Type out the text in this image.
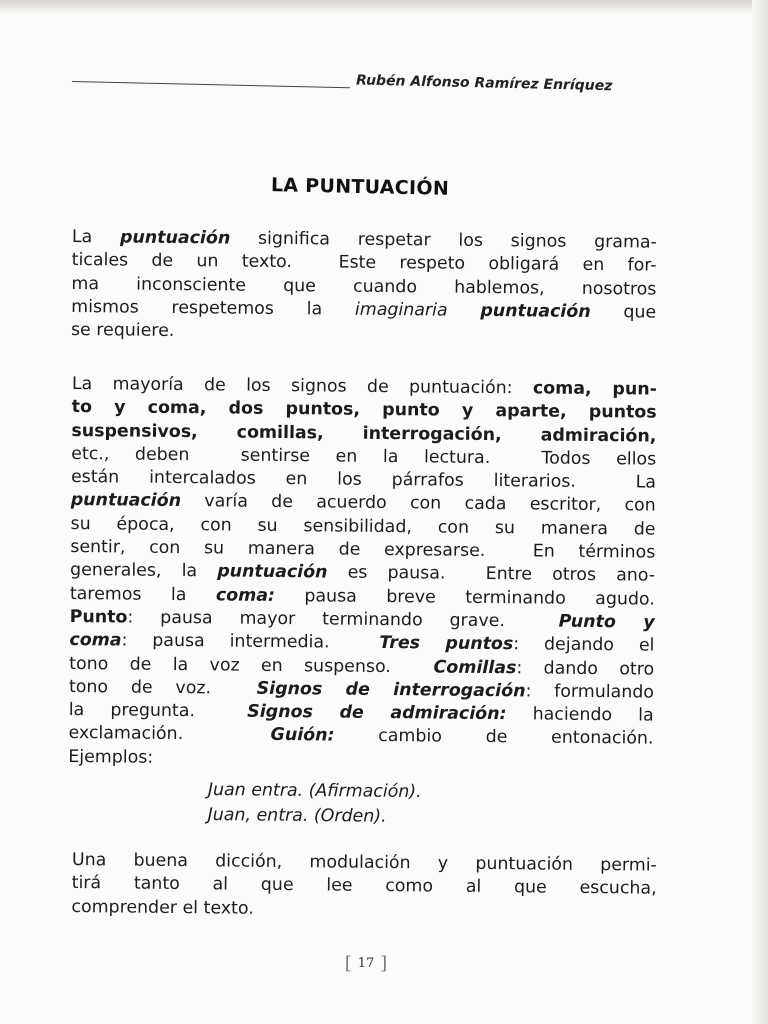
Rubén Alfonso Ramírez Enríquez
LA PUNTUACIÓN
La puntuación significa respetar los signos grama-
ticales de un texto.  Este respeto obligará en for-
ma inconsciente que cuando hablemos, nosotros
mismos respetemos la imaginaria puntuación que
se requiere.
La mayoría de los signos de puntuación: coma, pun-
to y coma, dos puntos, punto y aparte, puntos
suspensivos, comillas, interrogación, admiración,
etc., deben  sentirse en la lectura.  Todos ellos
están intercalados en los párrafos literarios.  La
puntuación varía de acuerdo con cada escritor, con
su época, con su sensibilidad, con su manera de
sentir, con su manera de expresarse.  En términos
generales, la puntuación es pausa.  Entre otros ano-
taremos la coma: pausa breve terminando agudo.
Punto: pausa mayor terminando grave.  Punto y
coma: pausa intermedia.  Tres puntos: dejando el
tono de la voz en suspenso.  Comillas: dando otro
tono de voz.  Signos de interrogación: formulando
la pregunta.  Signos de admiración: haciendo la
exclamación.  Guión: cambio de entonación.
Ejemplos:
Juan entra. (Afirmación).
Juan, entra. (Orden).
Una buena dicción, modulación y puntuación permi-
tirá tanto al que lee como al que escucha,
comprender el texto.
[ 17 ]
